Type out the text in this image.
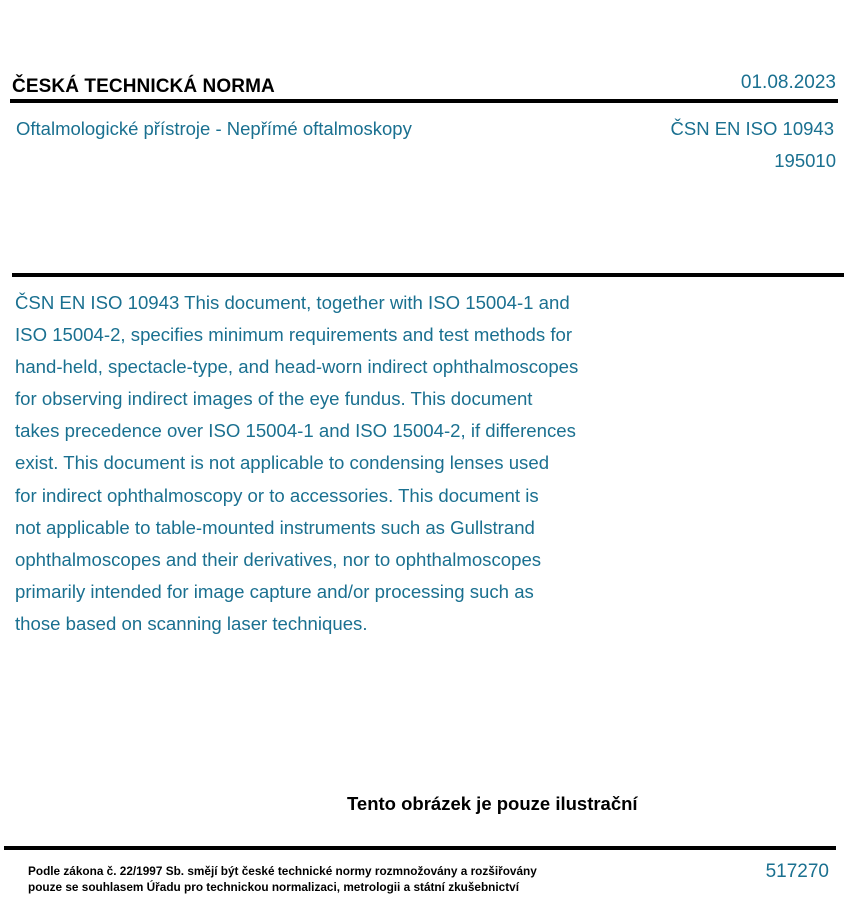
ČESKÁ TECHNICKÁ NORMA	01.08.2023
Oftalmologické přístroje - Nepřímé oftalmoskopy	ČSN EN ISO 10943
195010
ČSN EN ISO 10943 This document, together with ISO 15004-1 and
ISO 15004-2, specifies minimum requirements and test methods for
hand-held, spectacle-type, and head-worn indirect ophthalmoscopes
for observing indirect images of the eye fundus. This document
takes precedence over ISO 15004-1 and ISO 15004-2, if differences
exist. This document is not applicable to condensing lenses used
for indirect ophthalmoscopy or to accessories. This document is
not applicable to table-mounted instruments such as Gullstrand
ophthalmoscopes and their derivatives, nor to ophthalmoscopes
primarily intended for image capture and/or processing such as
those based on scanning laser techniques.
Tento obrázek je pouze ilustrační
Podle zákona č. 22/1997 Sb. smějí být české technické normy rozmnožovány a rozšiřovány
pouze se souhlasem Úřadu pro technickou normalizaci, metrologii a státní zkušebnictví
517270
